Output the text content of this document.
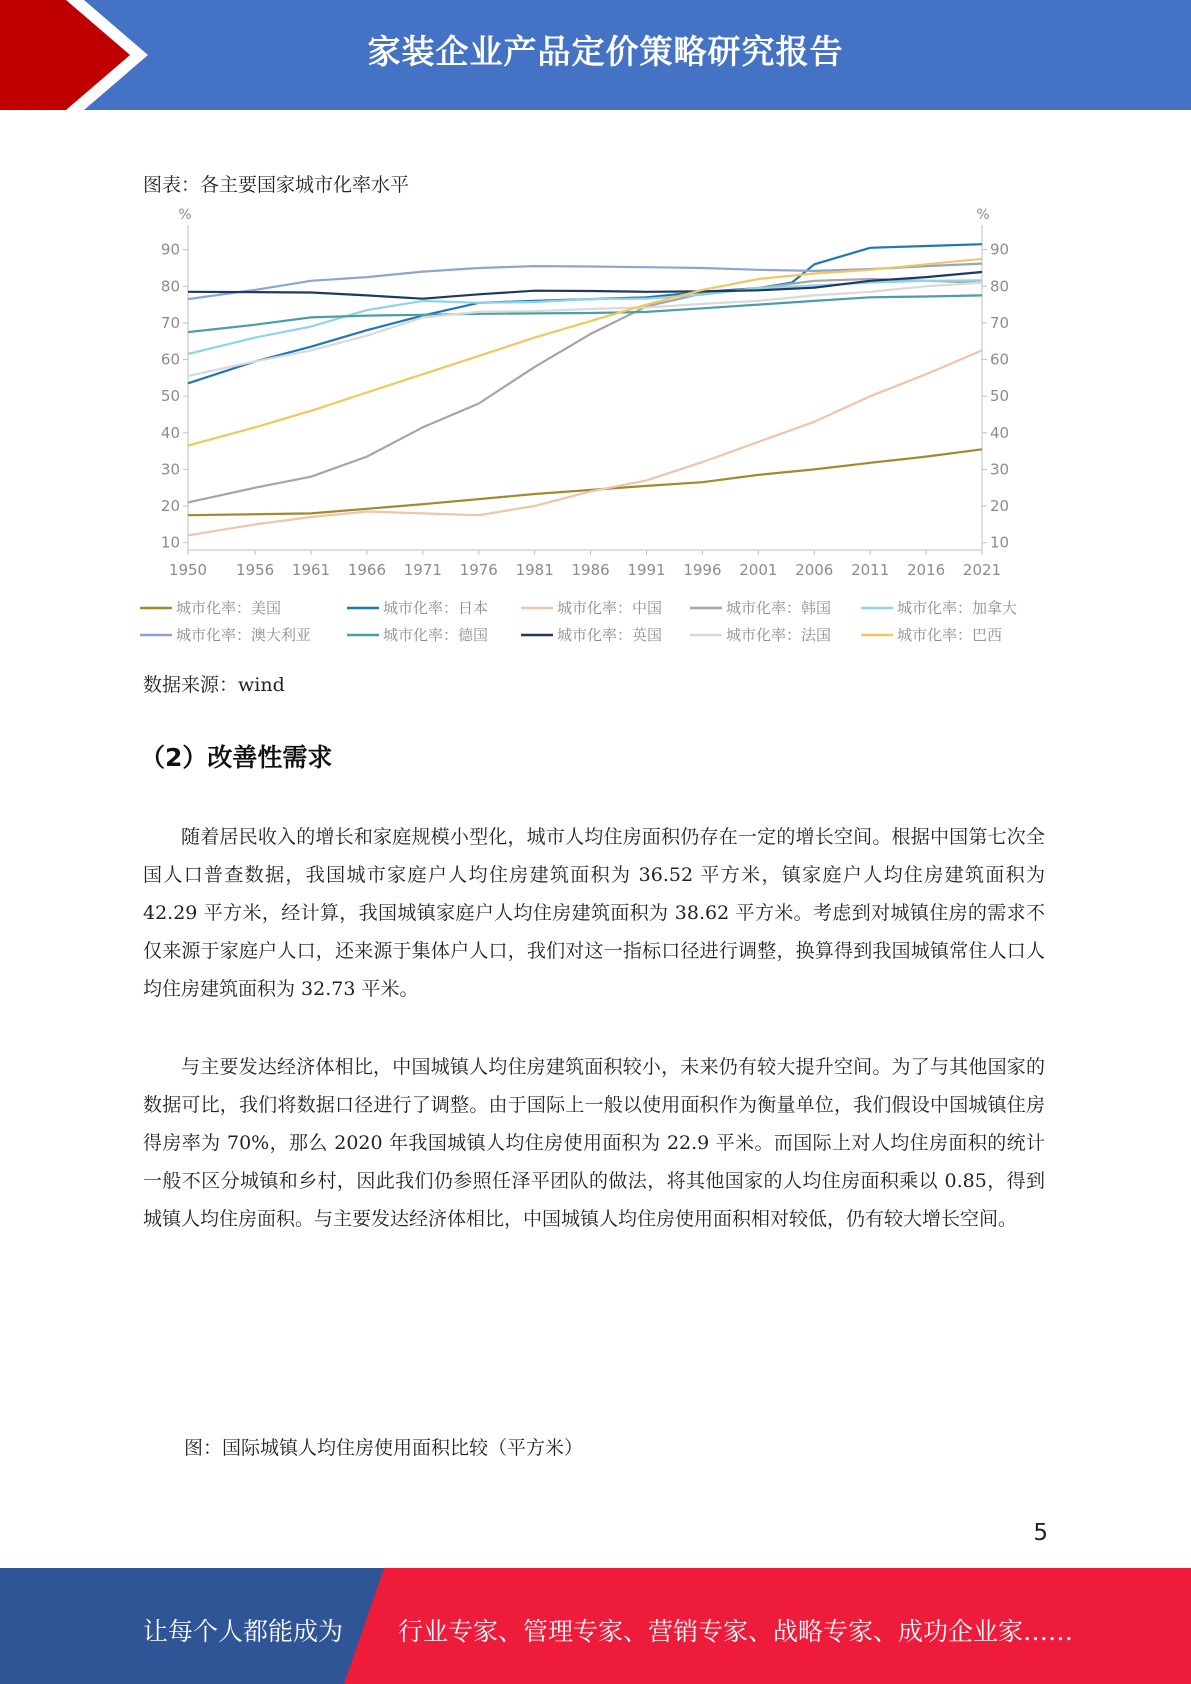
家装企业产品定价策略研究报告
图表：各主要国家城市化率水平
%	%
10	10
20	20
30	30
40	40
50	50
60	60
70	70
80	80
90	90
1950 1956 1961 1966 1971 1976 1981 1986 1991 1996 2001 2006 2011 2016 2021
城市化率：美国	城市化率：日本	城市化率：中国	城市化率：韩国	城市化率：加拿大
城市化率：澳大利亚	城市化率：德国	城市化率：英国	城市化率：法国	城市化率：巴西
数据来源：wind
（2）改善性需求
随着居民收入的增长和家庭规模小型化，城市人均住房面积仍存在一定的增长空间。根据中国第七次全国人口普查数据，我国城市家庭户人均住房建筑面积为 36.52 平方米，镇家庭户人均住房建筑面积为 42.29 平方米，经计算，我国城镇家庭户人均住房建筑面积为 38.62 平方米。考虑到对城镇住房的需求不仅来源于家庭户人口，还来源于集体户人口，我们对这一指标口径进行调整，换算得到我国城镇常住人口人均住房建筑面积为 32.73 平米。
与主要发达经济体相比，中国城镇人均住房建筑面积较小，未来仍有较大提升空间。为了与其他国家的数据可比，我们将数据口径进行了调整。由于国际上一般以使用面积作为衡量单位，我们假设中国城镇住房得房率为 70%，那么 2020 年我国城镇人均住房使用面积为 22.9 平米。而国际上对人均住房面积的统计一般不区分城镇和乡村，因此我们仍参照任泽平团队的做法，将其他国家的人均住房面积乘以 0.85，得到城镇人均住房面积。与主要发达经济体相比，中国城镇人均住房使用面积相对较低，仍有较大增长空间。
图：国际城镇人均住房使用面积比较（平方米）
5
让每个人都能成为 行业专家、管理专家、营销专家、战略专家、成功企业家……
